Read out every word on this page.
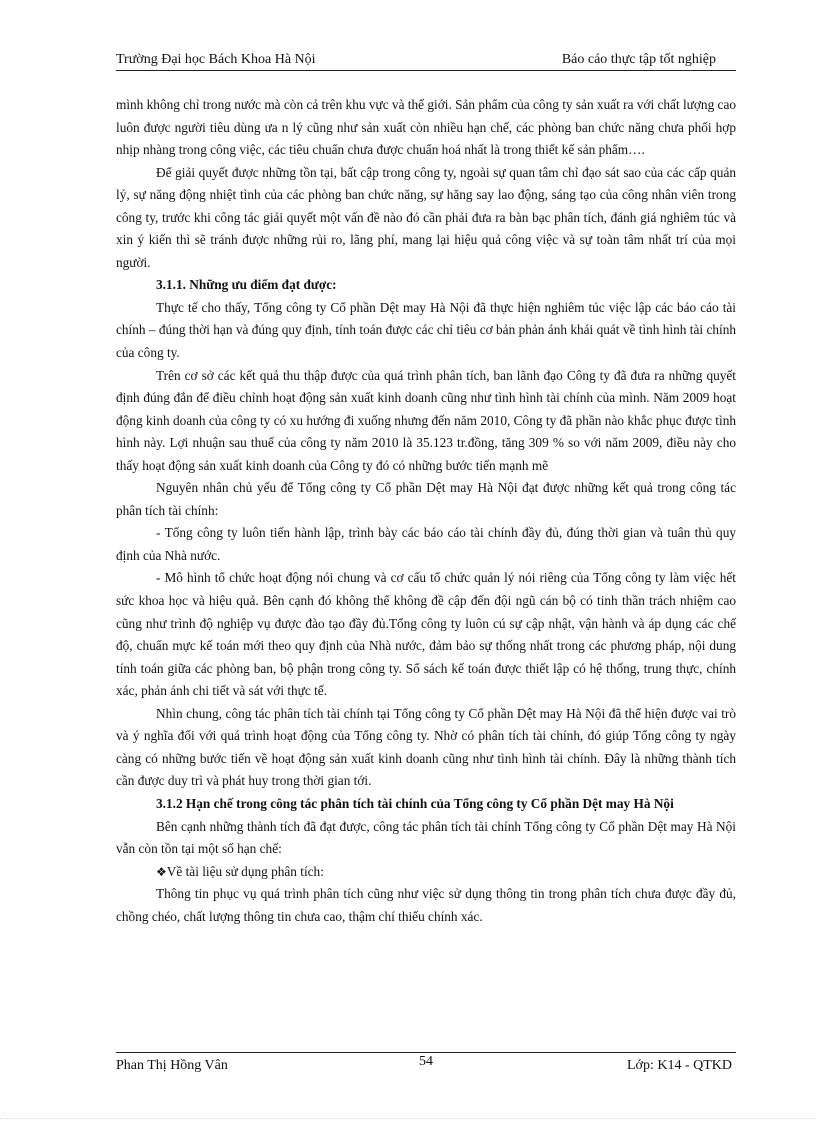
Trường Đại học Bách Khoa Hà Nội	Báo cáo thực tập tốt nghiệp

mình không chỉ trong nước mà còn cả trên khu vực và thế giới. Sản phẩm của công ty sản xuất ra với chất lượng cao luôn được người tiêu dùng ưa n lý cũng như sản xuất còn nhiều hạn chế, các phòng ban chức năng chưa phối hợp nhịp nhàng trong công việc, các tiêu chuẩn chưa được chuẩn hoá nhất là trong thiết kế sản phẩm….

Để giải quyết được những tồn tại, bất cập trong công ty, ngoài sự quan tâm chỉ đạo sát sao của các cấp quản lý, sự năng động nhiệt tình của các phòng ban chức năng, sự hăng say lao động, sáng tạo của công nhân viên trong công ty, trước khi công tác giải quyết một vấn đề nào đó cần phải đưa ra bàn bạc phân tích, đánh giá nghiêm túc và xin ý kiến thì sẽ tránh được những rủi ro, lãng phí, mang lại hiệu quả công việc và sự toàn tâm nhất trí của mọi người.

3.1.1. Những ưu điểm đạt được:

Thực tế cho thấy, Tổng công ty Cổ phần Dệt may Hà Nội đã thực hiện nghiêm túc việc lập các báo cáo tài chính – đúng thời hạn và đúng quy định, tính toán được các chỉ tiêu cơ bản phản ánh khái quát về tình hình tài chính của công ty.

Trên cơ sở các kết quả thu thập được của quá trình phân tích, ban lãnh đạo Công ty đã đưa ra những quyết định đúng đắn để điều chỉnh hoạt động sản xuất kinh doanh cũng như tình hình tài chính của mình. Năm 2009 hoạt động kinh doanh của công ty có xu hướng đi xuống nhưng đến năm 2010, Công ty đã phần nào khắc phục được tình hình này. Lợi nhuận sau thuế của công ty năm 2010 là 35.123 tr.đồng, tăng 309 % so với năm 2009, điều này cho thấy hoạt động sản xuất kinh doanh của Công ty đó có những bước tiến mạnh mẽ

Nguyên nhân chủ yếu để Tổng công ty Cổ phần Dệt may Hà Nội đạt được những kết quả trong công tác phân tích tài chính:

- Tổng công ty luôn tiến hành lập, trình bày các báo cáo tài chính đầy đủ, đúng thời gian và tuân thủ quy định của Nhà nước.

- Mô hình tổ chức hoạt động nói chung và cơ cấu tổ chức quản lý nói riêng của Tổng công ty làm việc hết sức khoa học và hiệu quả. Bên cạnh đó không thể không đề cập đến đội ngũ cán bộ có tinh thần trách nhiệm cao cũng như trình độ nghiệp vụ được đào tạo đầy đủ.Tổng công ty luôn cú sự cập nhật, vận hành và áp dụng các chế độ, chuẩn mực kế toán mới theo quy định của Nhà nước, đảm bảo sự thống nhất trong các phương pháp, nội dung tính toán giữa các phòng ban, bộ phận trong công ty. Sổ sách kế toán được thiết lập có hệ thống, trung thực, chính xác, phản ánh chi tiết và sát với thực tế.

Nhìn chung, công tác phân tích tài chính tại Tổng công ty Cổ phần Dệt may Hà Nội đã thể hiện được vai trò và ý nghĩa đối với quá trình hoạt động của Tổng công ty. Nhờ có phân tích tài chính, đó giúp Tổng công ty ngày càng có những bước tiến về hoạt động sản xuất kinh doanh cũng như tình hình tài chính. Đây là những thành tích cần được duy trì và phát huy trong thời gian tới.

3.1.2 Hạn chế trong công tác phân tích tài chính của Tổng công ty Cổ phần Dệt may Hà Nội

Bên cạnh những thành tích đã đạt được, công tác phân tích tài chính Tổng công ty Cổ phần Dệt may Hà Nội vẫn còn tồn tại một số hạn chế:

❖Về tài liệu sử dụng phân tích:

Thông tin phục vụ quá trình phân tích cũng như việc sử dụng thông tin trong phân tích chưa được đầy đủ, chồng chéo, chất lượng thông tin chưa cao, thậm chí thiếu chính xác.

Phan Thị Hồng Vân	54	Lớp: K14 - QTKD
